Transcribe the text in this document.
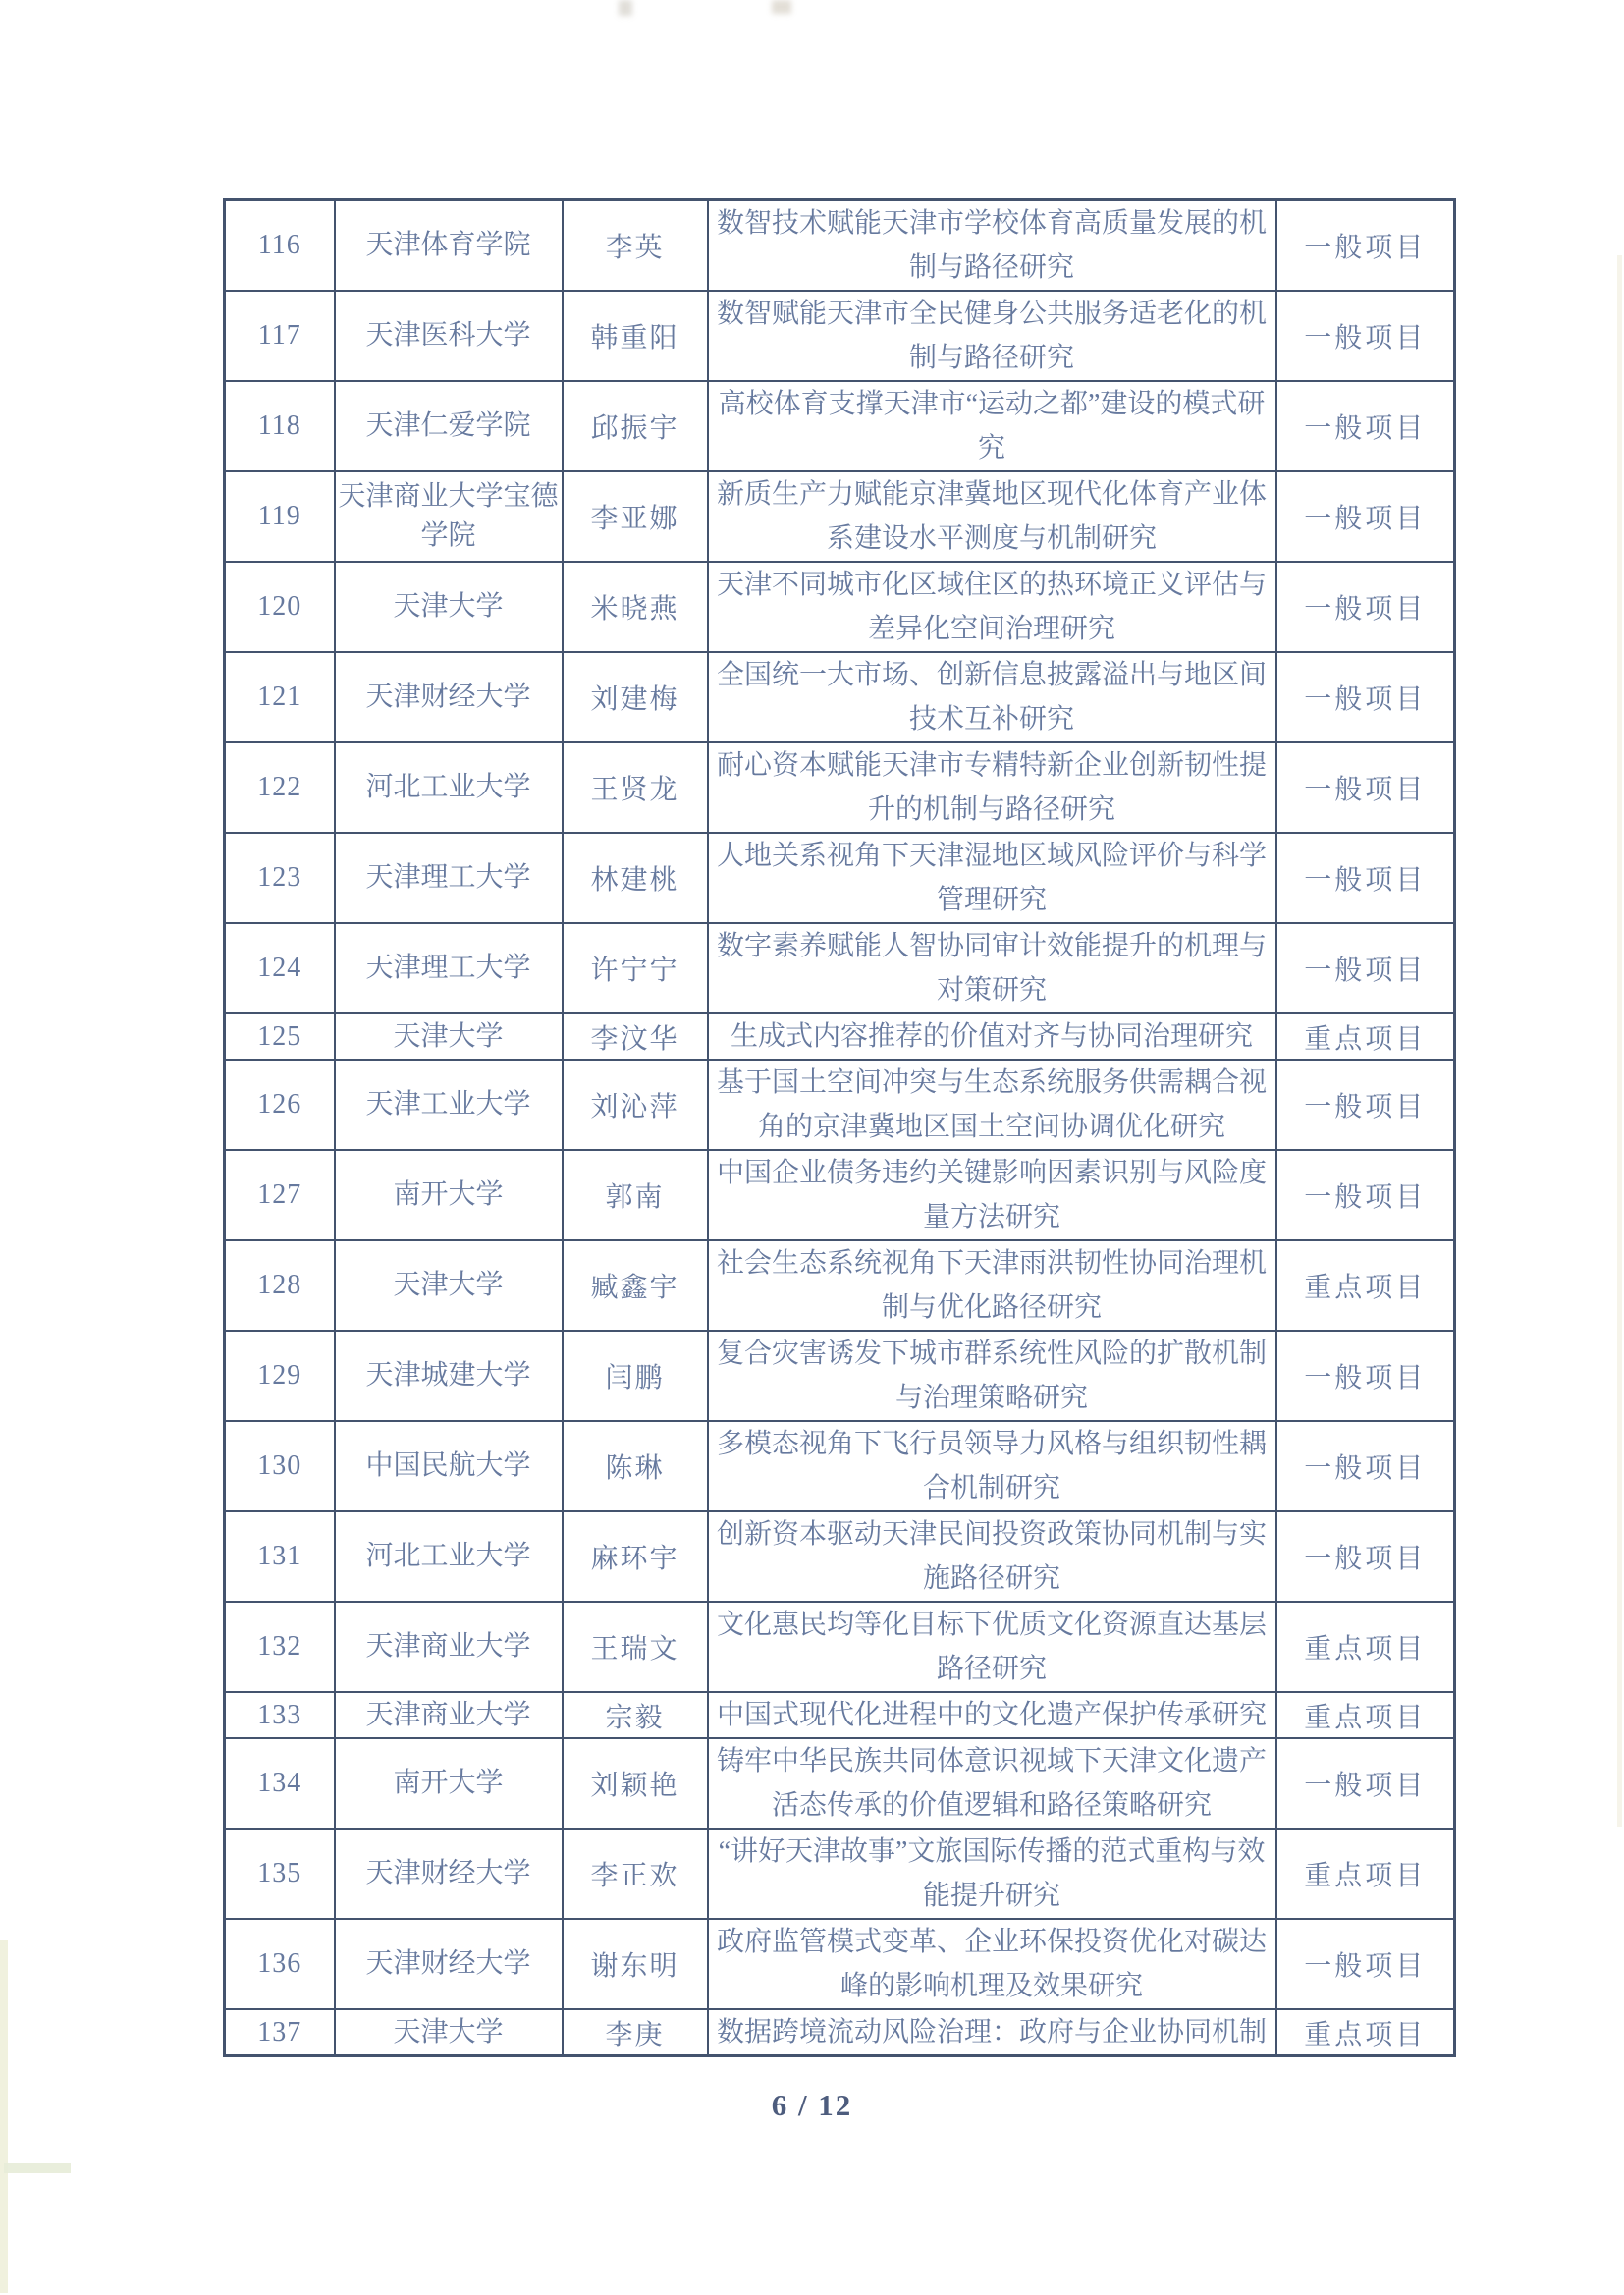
116	天津体育学院	李英	数智技术赋能天津市学校体育高质量发展的机制与路径研究	一般项目
117	天津医科大学	韩重阳	数智赋能天津市全民健身公共服务适老化的机制与路径研究	一般项目
118	天津仁爱学院	邱振宇	高校体育支撑天津市“运动之都”建设的模式研究	一般项目
119	天津商业大学宝德学院	李亚娜	新质生产力赋能京津冀地区现代化体育产业体系建设水平测度与机制研究	一般项目
120	天津大学	米晓燕	天津不同城市化区域住区的热环境正义评估与差异化空间治理研究	一般项目
121	天津财经大学	刘建梅	全国统一大市场、创新信息披露溢出与地区间技术互补研究	一般项目
122	河北工业大学	王贤龙	耐心资本赋能天津市专精特新企业创新韧性提升的机制与路径研究	一般项目
123	天津理工大学	林建桃	人地关系视角下天津湿地区域风险评价与科学管理研究	一般项目
124	天津理工大学	许宁宁	数字素养赋能人智协同审计效能提升的机理与对策研究	一般项目
125	天津大学	李汶华	生成式内容推荐的价值对齐与协同治理研究	重点项目
126	天津工业大学	刘沁萍	基于国土空间冲突与生态系统服务供需耦合视角的京津冀地区国土空间协调优化研究	一般项目
127	南开大学	郭南	中国企业债务违约关键影响因素识别与风险度量方法研究	一般项目
128	天津大学	臧鑫宇	社会生态系统视角下天津雨洪韧性协同治理机制与优化路径研究	重点项目
129	天津城建大学	闫鹏	复合灾害诱发下城市群系统性风险的扩散机制与治理策略研究	一般项目
130	中国民航大学	陈琳	多模态视角下飞行员领导力风格与组织韧性耦合机制研究	一般项目
131	河北工业大学	麻环宇	创新资本驱动天津民间投资政策协同机制与实施路径研究	一般项目
132	天津商业大学	王瑞文	文化惠民均等化目标下优质文化资源直达基层路径研究	重点项目
133	天津商业大学	宗毅	中国式现代化进程中的文化遗产保护传承研究	重点项目
134	南开大学	刘颖艳	铸牢中华民族共同体意识视域下天津文化遗产活态传承的价值逻辑和路径策略研究	一般项目
135	天津财经大学	李正欢	“讲好天津故事”文旅国际传播的范式重构与效能提升研究	重点项目
136	天津财经大学	谢东明	政府监管模式变革、企业环保投资优化对碳达峰的影响机理及效果研究	一般项目
137	天津大学	李庚	数据跨境流动风险治理：政府与企业协同机制	重点项目
6 / 12
